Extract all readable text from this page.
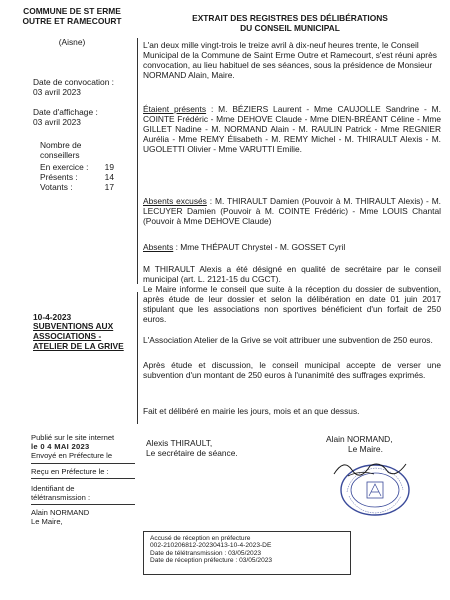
COMMUNE DE ST ERME OUTRE ET RAMECOURT
(Aisne)
EXTRAIT DES REGISTRES DES DÉLIBÉRATIONS
DU CONSEIL MUNICIPAL
Date de convocation :
03 avril 2023
Date d'affichage :
03 avril 2023
Nombre de conseillers
En exercice :	19
Présents :	14
Votants :	17
10-4-2023
SUBVENTIONS AUX ASSOCIATIONS - ATELIER DE LA GRIVE
L'an deux mille vingt-trois le treize avril à dix-neuf heures trente, le Conseil Municipal de la Commune de Saint Erme Outre et Ramecourt, s'est réuni après convocation, au lieu habituel de ses séances, sous la présidence de Monsieur NORMAND Alain, Maire.
Étaient présents : M. BÉZIERS Laurent - Mme CAUJOLLE Sandrine - M. COINTE Frédéric - Mme DEHOVE Claude - Mme DIEN-BRÉANT Céline - Mme GILLET Nadine - M. NORMAND Alain - M. RAULIN Patrick - Mme REGNIER Aurélia - Mme REMY Élisabeth - M. REMY Michel - M. THIRAULT Alexis - M. UGOLETTI Olivier - Mme VARUTTI Emilie.
Absents excusés : M. THIRAULT Damien (Pouvoir à M. THIRAULT Alexis) - M. LECUYER Damien (Pouvoir à M. COINTE Frédéric) - Mme LOUIS Chantal (Pouvoir à Mme DEHOVE Claude)
Absents : Mme THÉPAUT Chrystel - M. GOSSET Cyril
M THIRAULT Alexis a été désigné en qualité de secrétaire par le conseil municipal (art. L. 2121-15 du CGCT).
Le Maire informe le conseil que suite à la réception du dossier de subvention, après étude de leur dossier et selon la délibération en date 01 juin 2017 stipulant que les associations non sportives bénéficient d'un forfait de 250 euros.
L'Association Atelier de la Grive se voit attribuer une subvention de 250 euros.
Après étude et discussion, le conseil municipal accepte de verser une subvention d'un montant de 250 euros à l'unanimité des suffrages exprimés.
Fait et délibéré en mairie les jours, mois et an que dessus.
Publié sur le site internet
le 0 4 MAI 2023
Envoyé en Préfecture le
Reçu en Préfecture le :
Identifiant de télétransmission :
Alain NORMAND
Le Maire,
Alexis THIRAULT,
Le secrétaire de séance.
Alain NORMAND,
Le Maire.
Accusé de réception en préfecture
002-210206812-20230413-10-4-2023-DE
Date de télétransmission : 03/05/2023
Date de réception préfecture : 03/05/2023
